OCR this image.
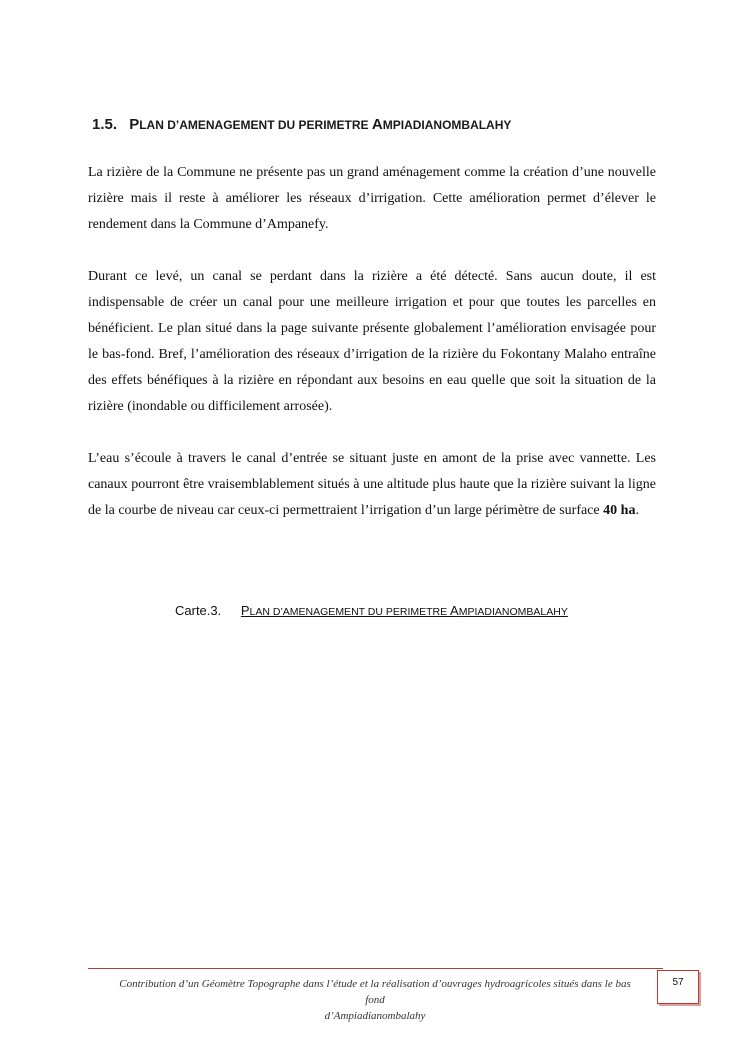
1.5. PLAN D’AMENAGEMENT DU PERIMETRE AMPIADIANOMBALAHY

La rizière de la Commune ne présente pas un grand aménagement comme la création d’une nouvelle rizière mais il reste à améliorer les réseaux d’irrigation. Cette amélioration permet d’élever le rendement dans la Commune d’Ampanefy.

Durant ce levé, un canal se perdant dans la rizière a été détecté. Sans aucun doute, il est indispensable de créer un canal pour une meilleure irrigation et pour que toutes les parcelles en bénéficient. Le plan situé dans la page suivante présente globalement l’amélioration envisagée pour le bas-fond. Bref, l’amélioration des réseaux d’irrigation de la rizière du Fokontany Malaho entraîne des effets bénéfiques à la rizière en répondant aux besoins en eau quelle que soit la situation de la rizière (inondable ou difficilement arrosée).

L’eau s’écoule à travers le canal d’entrée se situant juste en amont de la prise avec vannette. Les canaux pourront être vraisemblablement situés à une altitude plus haute que la rizière suivant la ligne de la courbe de niveau car ceux-ci permettraient l’irrigation d’un large périmètre de surface 40 ha.

Carte.3. PLAN D’AMENAGEMENT DU PERIMETRE AMPIADIANOMBALAHY
Contribution d’un Géomètre Topographe dans l’étude et la réalisation d’ouvrages hydroagricoles situés dans le bas fond
d’Ampiadianombalahy
57
